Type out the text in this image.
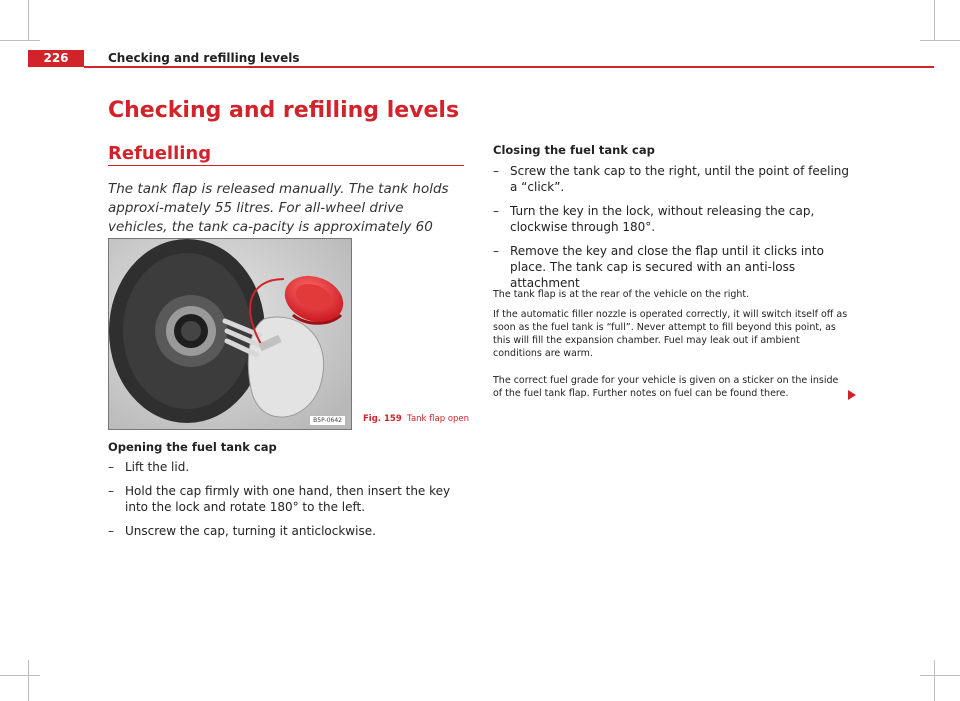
226	Checking and refilling levels
Checking and refilling levels
Refuelling
The tank flap is released manually. The tank holds approxi-mately 55 litres. For all-wheel drive vehicles, the tank ca-pacity is approximately 60
B5P-0642	Fig. 159 Tank flap open
Opening the fuel tank cap
– Lift the lid.
– Hold the cap firmly with one hand, then insert the key into the lock and rotate 180° to the left.
– Unscrew the cap, turning it anticlockwise.
Closing the fuel tank cap
– Screw the tank cap to the right, until the point of feeling a “click”.
– Turn the key in the lock, without releasing the cap, clockwise through 180°.
– Remove the key and close the flap until it clicks into place. The tank cap is secured with an anti-loss attachment

The tank flap is at the rear of the vehicle on the right.

If the automatic filler nozzle is operated correctly, it will switch itself off as soon as the fuel tank is “full”. Never attempt to fill beyond this point, as this will fill the expansion chamber. Fuel may leak out if ambient conditions are warm.

The correct fuel grade for your vehicle is given on a sticker on the inside of the fuel tank flap. Further notes on fuel can be found there.
